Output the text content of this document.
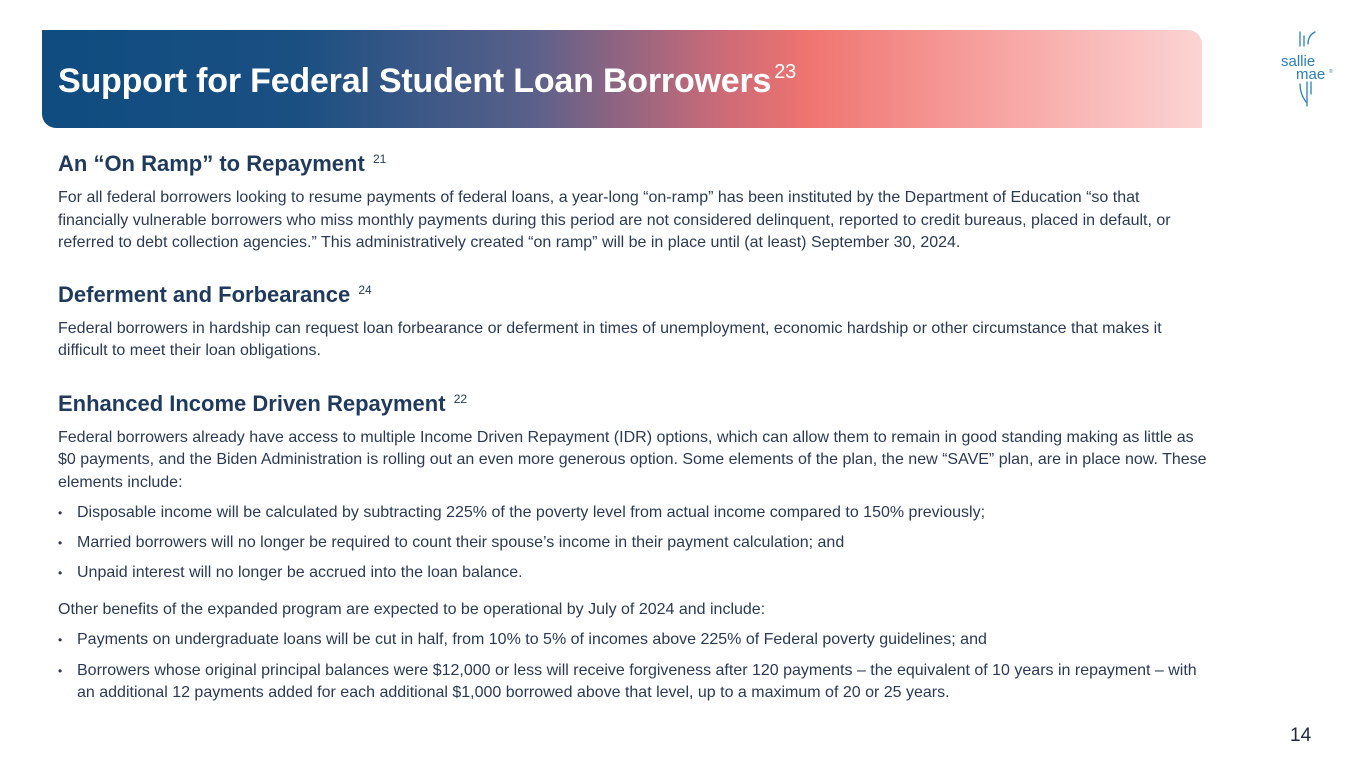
Support for Federal Student Loan Borrowers $^{23}$	sallie
mae ®
An “On Ramp” to Repayment $^{21}$

For all federal borrowers looking to resume payments of federal loans, a year-long “on-ramp” has been instituted by the Department of Education “so that financially vulnerable borrowers who miss monthly payments during this period are not considered delinquent, reported to credit bureaus, placed in default, or referred to debt collection agencies.” This administratively created “on ramp” will be in place until (at least) September 30, 2024.

Deferment and Forbearance $^{24}$

Federal borrowers in hardship can request loan forbearance or deferment in times of unemployment, economic hardship or other circumstance that makes it difficult to meet their loan obligations.

Enhanced Income Driven Repayment $^{22}$

Federal borrowers already have access to multiple Income Driven Repayment (IDR) options, which can allow them to remain in good standing making as little as $0 payments, and the Biden Administration is rolling out an even more generous option. Some elements of the plan, the new “SAVE” plan, are in place now. These elements include:

• Disposable income will be calculated by subtracting 225% of the poverty level from actual income compared to 150% previously;
• Married borrowers will no longer be required to count their spouse’s income in their payment calculation; and
• Unpaid interest will no longer be accrued into the loan balance.

Other benefits of the expanded program are expected to be operational by July of 2024 and include:

• Payments on undergraduate loans will be cut in half, from 10% to 5% of incomes above 225% of Federal poverty guidelines; and
• Borrowers whose original principal balances were $12,000 or less will receive forgiveness after 120 payments – the equivalent of 10 years in repayment – with an additional 12 payments added for each additional $1,000 borrowed above that level, up to a maximum of 20 or 25 years.
14
